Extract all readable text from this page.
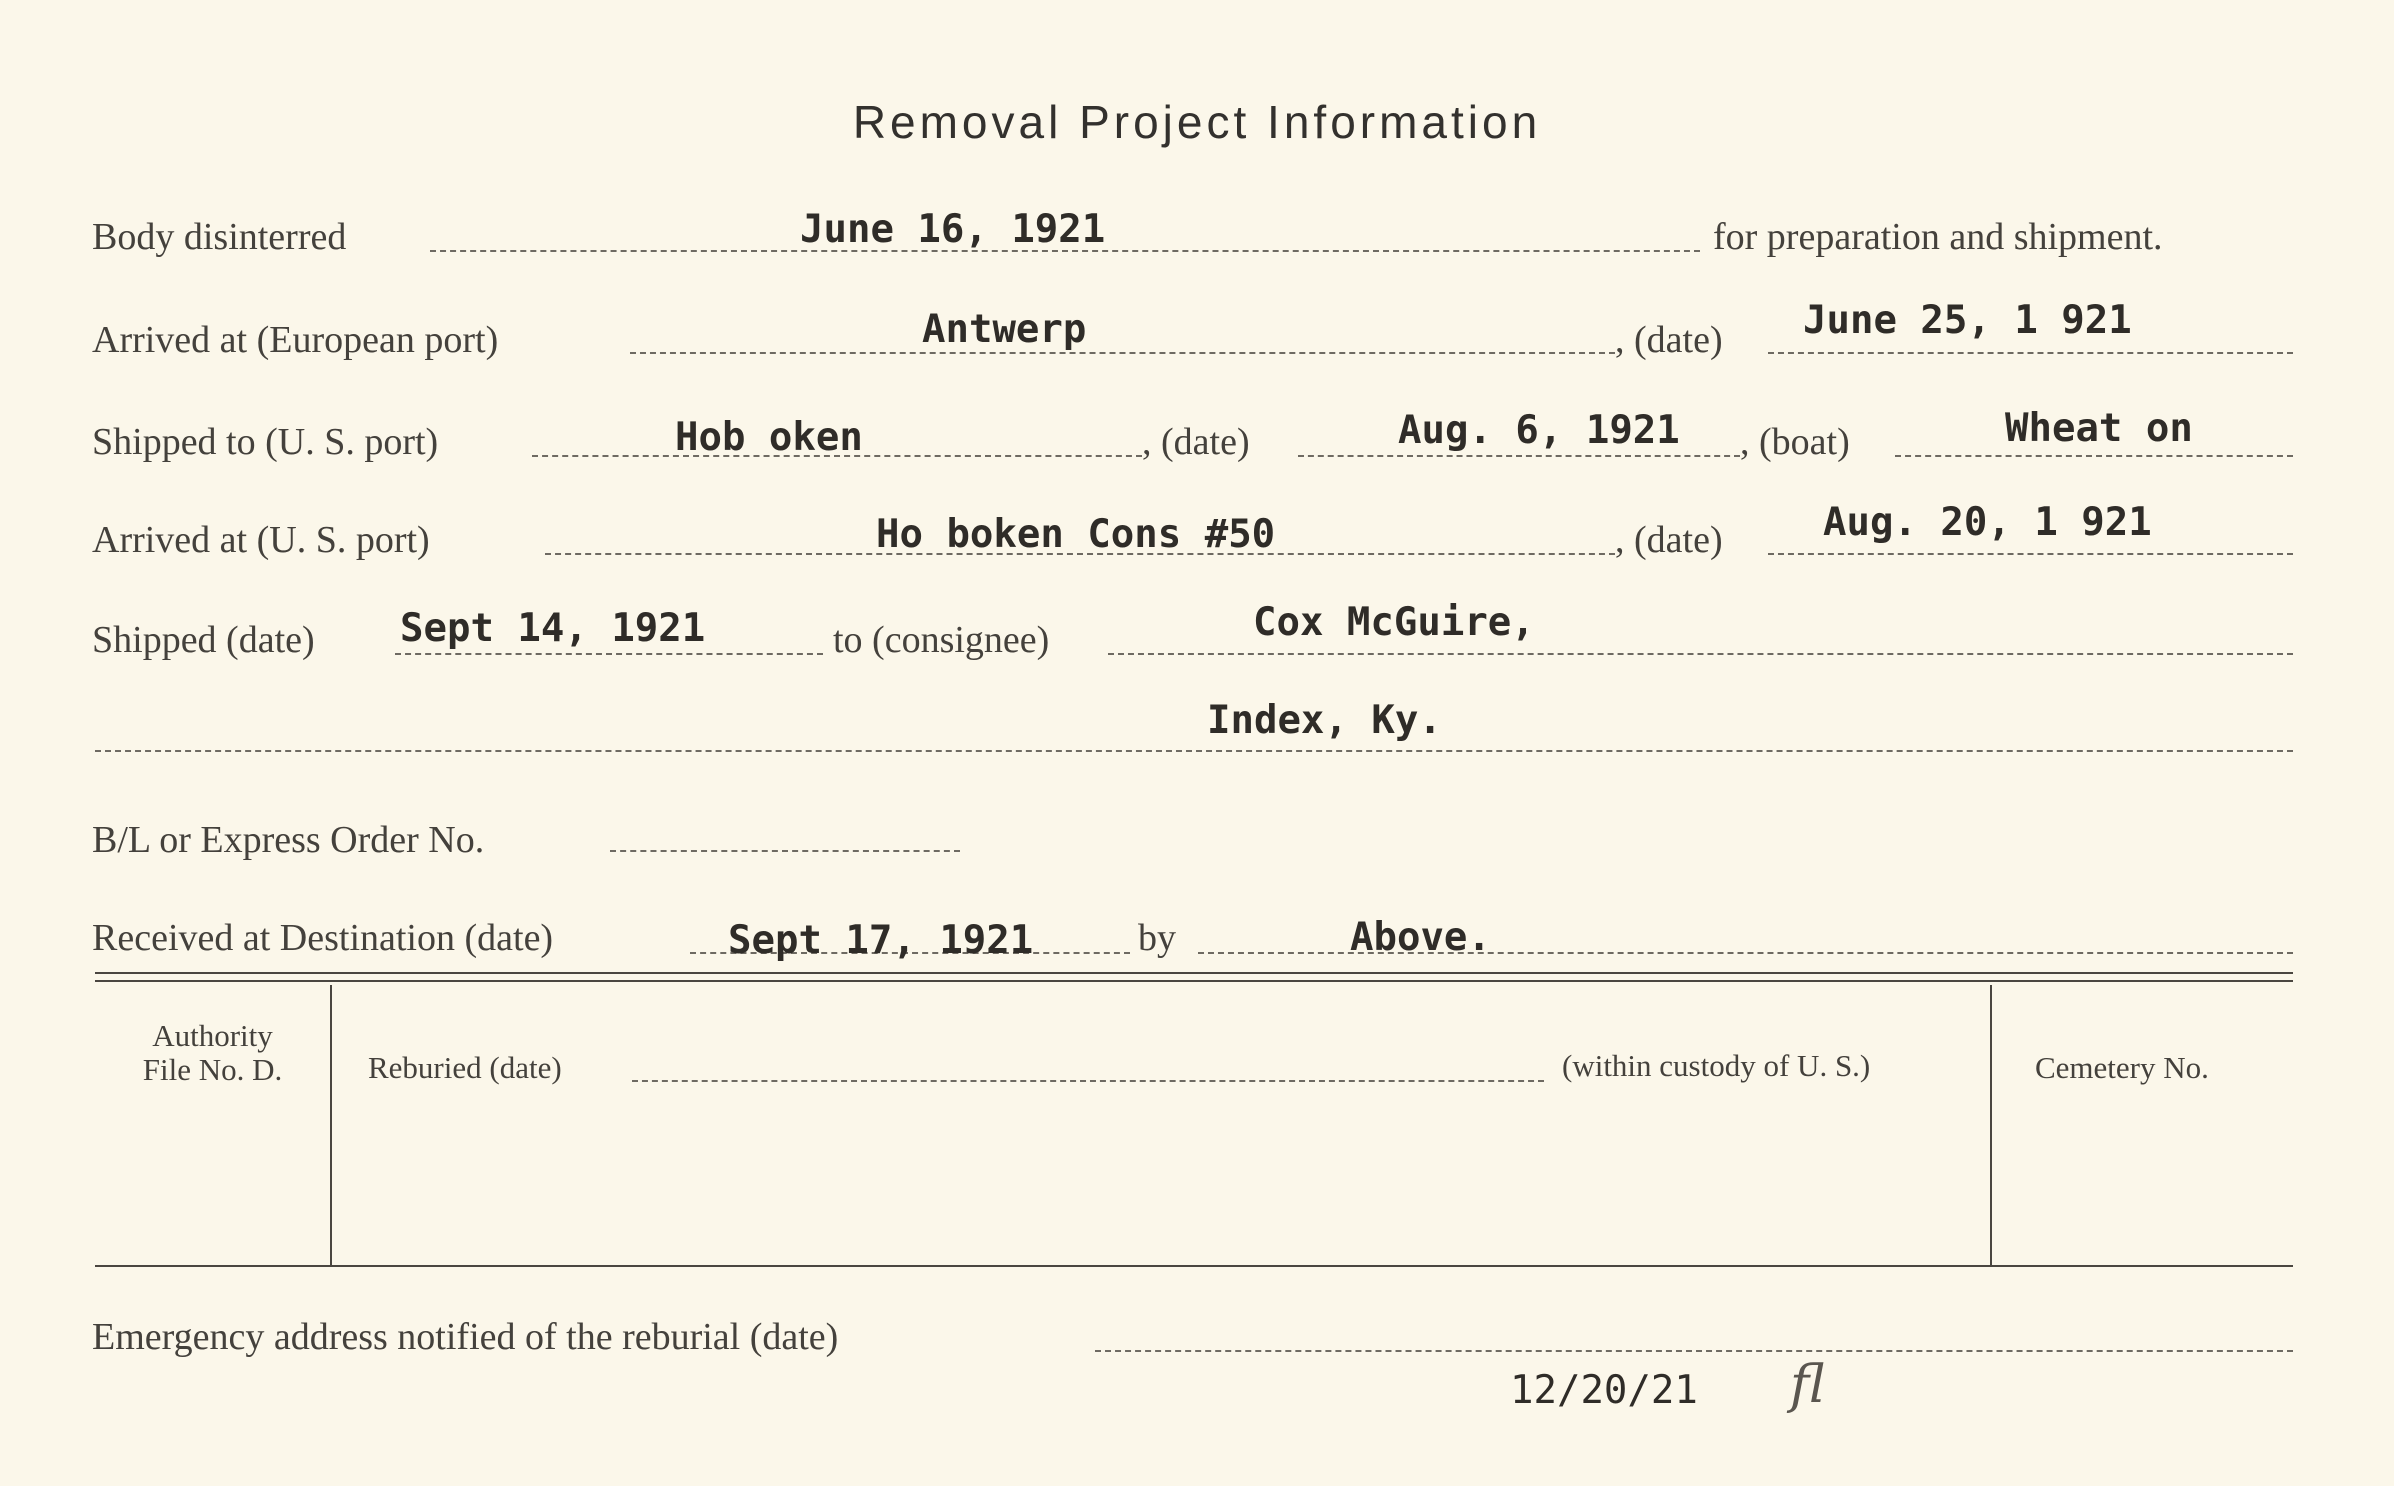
Removal Project Information
Body disinterred	June 16, 1921	for preparation and shipment.
Arrived at (European port)	Antwerp	, (date) June 25, 1 921
Shipped to (U. S. port)	Hob oken	, (date)	Aug. 6, 1921 , (boat)	Wheat on
Arrived at (U. S. port)	Ho boken Cons #50	, (date)	Aug. 20, 1 921
Shipped (date) Sept 14, 1921	to (consignee)	Cox McGuire,
Index, Ky.
B/L or Express Order No.
Received at Destination (date)	Sept 17, 1921	by	Above.
Authority
File No. D.	Reburied (date)	(within custody of U. S.)	Cemetery No.
Emergency address notified of the reburial (date)
12/20/21 fl
